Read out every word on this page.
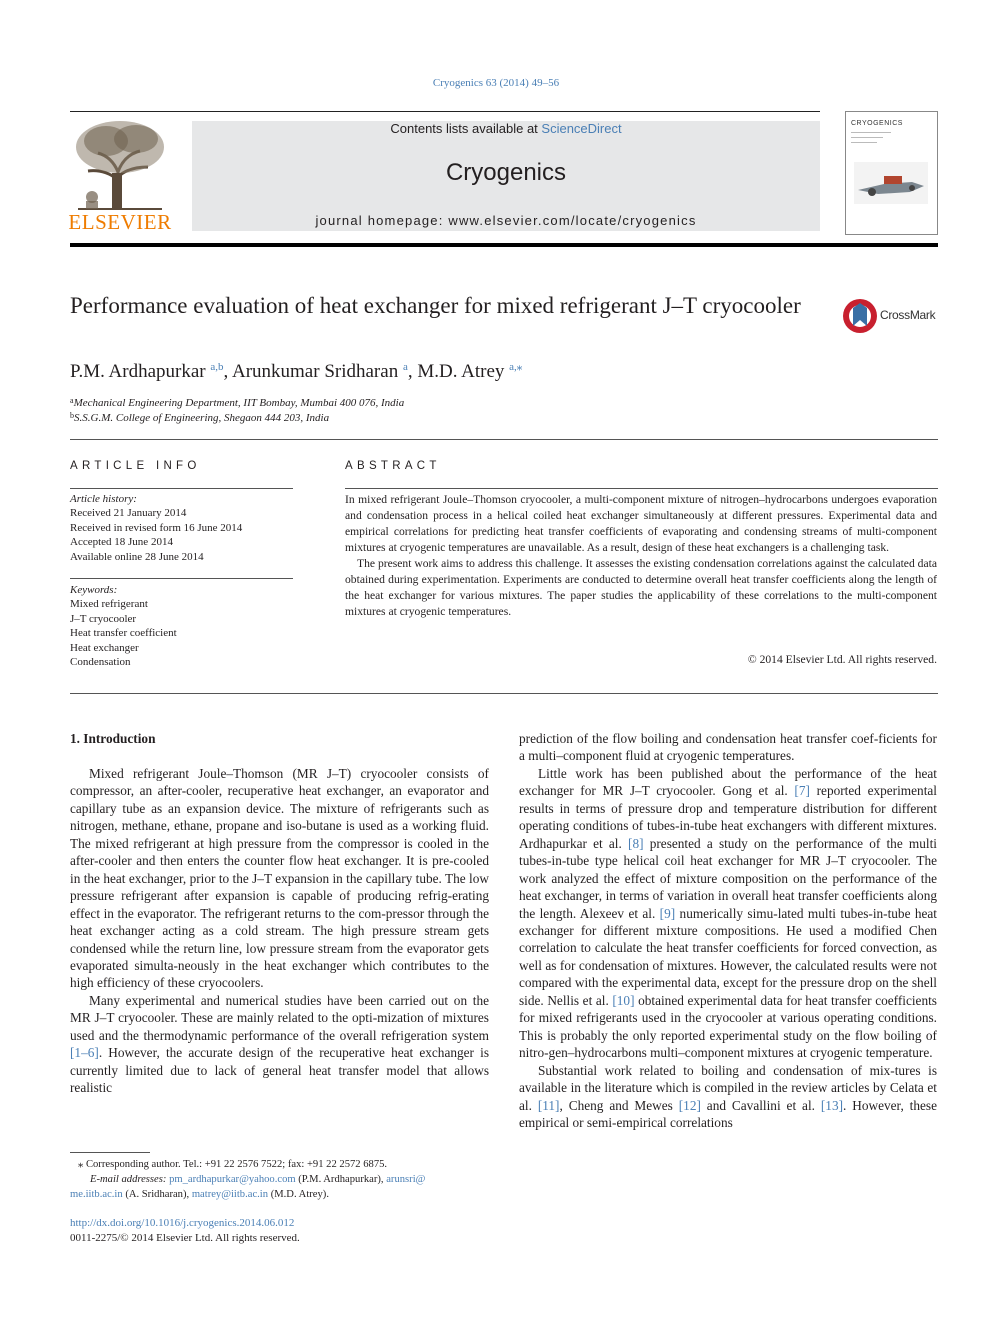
Cryogenics 63 (2014) 49–56
ELSEVIER
Contents lists available at ScienceDirect
Cryogenics
journal homepage: www.elsevier.com/locate/cryogenics
CRYOGENICS
Performance evaluation of heat exchanger for mixed refrigerant J–T cryocooler	CrossMark
P.M. Ardhapurkar $^{a,b}$, Arunkumar Sridharan $^a$, M.D. Atrey $^{a,⁎}$
$^a$Mechanical Engineering Department, IIT Bombay, Mumbai 400 076, India
$^b$S.S.G.M. College of Engineering, Shegaon 444 203, India
ARTICLE INFO
Article history:
Received 21 January 2014
Received in revised form 16 June 2014
Accepted 18 June 2014
Available online 28 June 2014
Keywords:
Mixed refrigerant
J–T cryocooler
Heat transfer coefficient
Heat exchanger
Condensation
ABSTRACT

In mixed refrigerant Joule–Thomson cryocooler, a multi-component mixture of nitrogen–hydrocarbons undergoes evaporation and condensation process in a helical coiled heat exchanger simultaneously at different pressures. Experimental data and empirical correlations for predicting heat transfer coefficients of evaporating and condensing streams of multi-component mixtures at cryogenic temperatures are unavailable. As a result, design of these heat exchangers is a challenging task.

The present work aims to address this challenge. It assesses the existing condensation correlations against the calculated data obtained during experimentation. Experiments are conducted to determine overall heat transfer coefficients along the length of the heat exchanger for various mixtures. The paper studies the applicability of these correlations to the multi-component mixtures at cryogenic temperatures.

© 2014 Elsevier Ltd. All rights reserved.
1. Introduction

Mixed refrigerant Joule–Thomson (MR J–T) cryocooler consists of compressor, an after-cooler, recuperative heat exchanger, an evaporator and capillary tube as an expansion device. The mixture of refrigerants such as nitrogen, methane, ethane, propane and iso-butane is used as a working fluid. The mixed refrigerant at high pressure from the compressor is cooled in the after-cooler and then enters the counter flow heat exchanger. It is pre-cooled in the heat exchanger, prior to the J–T expansion in the capillary tube. The low pressure refrigerant after expansion is capable of producing refrig-erating effect in the evaporator. The refrigerant returns to the com-pressor through the heat exchanger acting as a cold stream. The high pressure stream gets condensed while the return line, low pressure stream from the evaporator gets evaporated simulta-neously in the heat exchanger which contributes to the high efficiency of these cryocoolers.

Many experimental and numerical studies have been carried out on the MR J–T cryocooler. These are mainly related to the opti-mization of mixtures used and the thermodynamic performance of the overall refrigeration system [1–6]. However, the accurate design of the recuperative heat exchanger is currently limited due to lack of general heat transfer model that allows realistic

prediction of the flow boiling and condensation heat transfer coef-ficients for a multi–component fluid at cryogenic temperatures.

Little work has been published about the performance of the heat exchanger for MR J–T cryocooler. Gong et al. [7] reported experimental results in terms of pressure drop and temperature distribution for different operating conditions of tubes-in-tube heat exchangers with different mixtures. Ardhapurkar et al. [8] presented a study on the performance of the multi tubes-in-tube type helical coil heat exchanger for MR J–T cryocooler. The work analyzed the effect of mixture composition on the performance of the heat exchanger, in terms of variation in overall heat transfer coefficients along the length. Alexeev et al. [9] numerically simu-lated multi tubes-in-tube heat exchanger for different mixture compositions. He used a modified Chen correlation to calculate the heat transfer coefficients for forced convection, as well as for condensation of mixtures. However, the calculated results were not compared with the experimental data, except for the pressure drop on the shell side. Nellis et al. [10] obtained experimental data for heat transfer coefficients for mixed refrigerants used in the cryocooler at various operating conditions. This is probably the only reported experimental study on the flow boiling of nitro-gen–hydrocarbons multi–component mixtures at cryogenic temperature.

Substantial work related to boiling and condensation of mix-tures is available in the literature which is compiled in the review articles by Celata et al. [11], Cheng and Mewes [12] and Cavallini et al. [13]. However, these empirical or semi-empirical correlations

⁎ Corresponding author. Tel.: +91 22 2576 7522; fax: +91 22 2572 6875.
E-mail addresses: pm_ardhapurkar@yahoo.com (P.M. Ardhapurkar), arunsri@
me.iitb.ac.in (A. Sridharan), matrey@iitb.ac.in (M.D. Atrey).
http://dx.doi.org/10.1016/j.cryogenics.2014.06.012
0011-2275/© 2014 Elsevier Ltd. All rights reserved.
